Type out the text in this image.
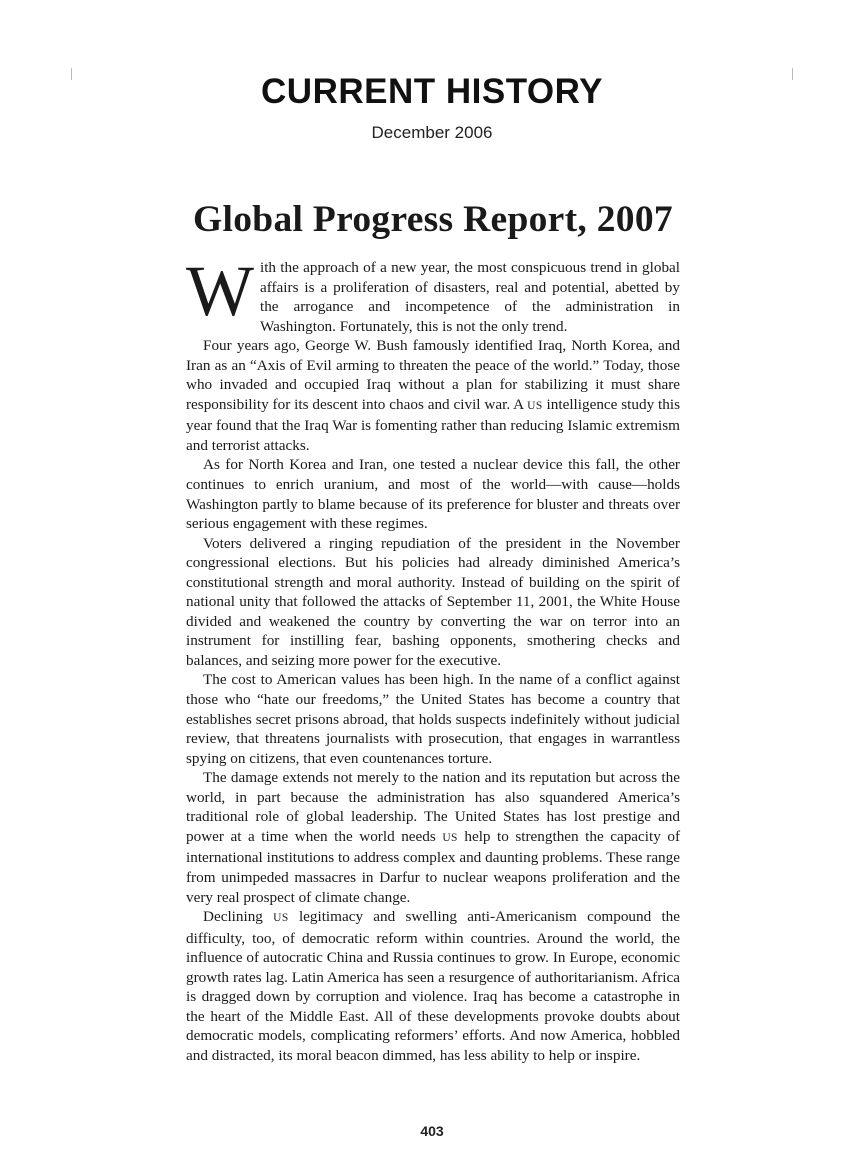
CURRENT HISTORY
December 2006
Global Progress Report, 2007

With the approach of a new year, the most conspicuous trend in global affairs is a proliferation of disasters, real and potential, abetted by the arrogance and incompetence of the administration in Washington. Fortunately, this is not the only trend.

Four years ago, George W. Bush famously identified Iraq, North Korea, and Iran as an “Axis of Evil arming to threaten the peace of the world.” Today, those who invaded and occupied Iraq without a plan for stabilizing it must share responsibility for its descent into chaos and civil war. A US intelligence study this year found that the Iraq War is fomenting rather than reducing Islamic extremism and terrorist attacks.

As for North Korea and Iran, one tested a nuclear device this fall, the other continues to enrich uranium, and most of the world—with cause—holds Washington partly to blame because of its preference for bluster and threats over serious engagement with these regimes.

Voters delivered a ringing repudiation of the president in the November congressional elections. But his policies had already diminished America’s constitutional strength and moral authority. Instead of building on the spirit of national unity that followed the attacks of September 11, 2001, the White House divided and weakened the country by converting the war on terror into an instrument for instilling fear, bashing opponents, smothering checks and balances, and seizing more power for the executive.

The cost to American values has been high. In the name of a conflict against those who “hate our freedoms,” the United States has become a country that establishes secret prisons abroad, that holds suspects indefinitely without judicial review, that threatens journalists with prosecution, that engages in warrantless spying on citizens, that even countenances torture.

The damage extends not merely to the nation and its reputation but across the world, in part because the administration has also squandered America’s traditional role of global leadership. The United States has lost prestige and power at a time when the world needs US help to strengthen the capacity of international institutions to address complex and daunting problems. These range from unimpeded massacres in Darfur to nuclear weapons proliferation and the very real prospect of climate change.

Declining US legitimacy and swelling anti-Americanism compound the difficulty, too, of democratic reform within countries. Around the world, the influence of autocratic China and Russia continues to grow. In Europe, economic growth rates lag. Latin America has seen a resurgence of authoritarianism. Africa is dragged down by corruption and violence. Iraq has become a catastrophe in the heart of the Middle East. All of these developments provoke doubts about democratic models, complicating reformers’ efforts. And now America, hobbled and distracted, its moral beacon dimmed, has less ability to help or inspire.

403
